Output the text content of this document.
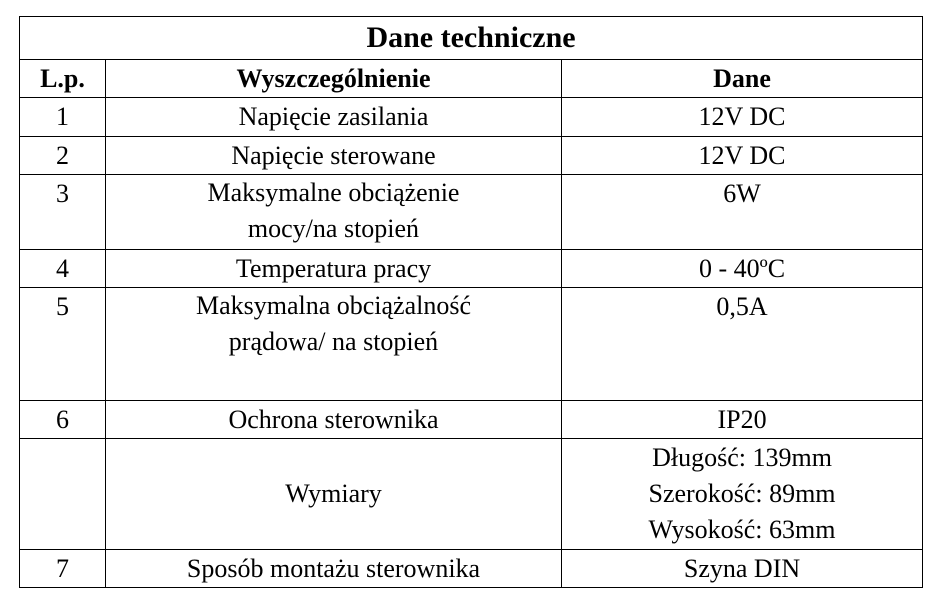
Dane techniczne		
L.p.	Wyszczególnienie	Dane
1	Napięcie zasilania	12V DC

2	Napięcie sterowane	12V DC

3	Maksymalne obciążenie
mocy/na stopień	6W

4	Temperatura pracy	0 - 40ºC

5	Maksymalna obciążalność
prądowa/ na stopień	0,5A

6	Ochrona sterownika	IP20

	Wymiary	Długość: 139mm
Szerokość: 89mm
Wysokość: 63mm

7	Sposób montażu sterownika	Szyna DIN
